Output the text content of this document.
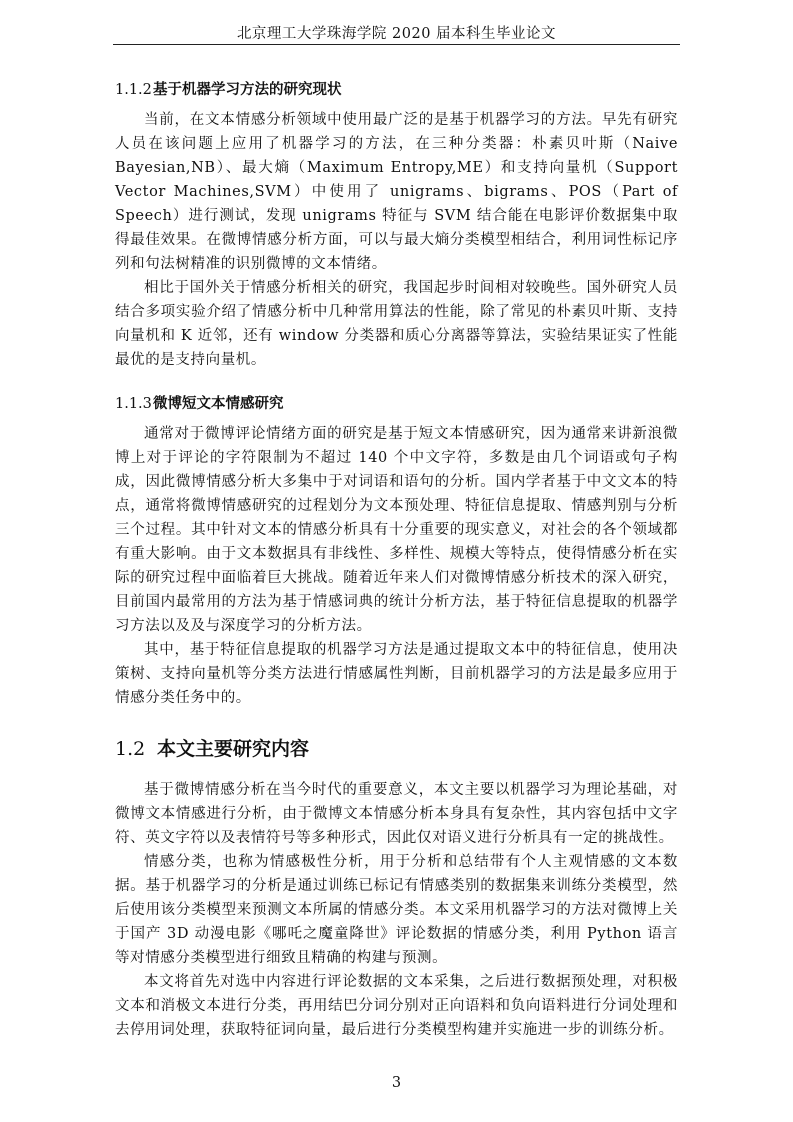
北京理工大学珠海学院 2020 届本科生毕业论文
1.1.2基于机器学习方法的研究现状

当前，在文本情感分析领域中使用最广泛的是基于机器学习的方法。早先有研究人员在该问题上应用了机器学习的方法，在三种分类器：朴素贝叶斯（Naive Bayesian,NB）、最大熵（Maximum Entropy,ME）和支持向量机（Support Vector Machines,SVM）中使用了 unigrams、bigrams、POS（Part of Speech）进行测试，发现 unigrams 特征与 SVM 结合能在电影评价数据集中取得最佳效果。在微博情感分析方面，可以与最大熵分类模型相结合，利用词性标记序列和句法树精准的识别微博的文本情绪。

相比于国外关于情感分析相关的研究，我国起步时间相对较晚些。国外研究人员结合多项实验介绍了情感分析中几种常用算法的性能，除了常见的朴素贝叶斯、支持向量机和 K 近邻，还有 window 分类器和质心分离器等算法，实验结果证实了性能最优的是支持向量机。

1.1.3微博短文本情感研究

通常对于微博评论情绪方面的研究是基于短文本情感研究，因为通常来讲新浪微博上对于评论的字符限制为不超过 140 个中文字符，多数是由几个词语或句子构成，因此微博情感分析大多集中于对词语和语句的分析。国内学者基于中文文本的特点，通常将微博情感研究的过程划分为文本预处理、特征信息提取、情感判别与分析三个过程。其中针对文本的情感分析具有十分重要的现实意义，对社会的各个领域都有重大影响。由于文本数据具有非线性、多样性、规模大等特点，使得情感分析在实际的研究过程中面临着巨大挑战。随着近年来人们对微博情感分析技术的深入研究，目前国内最常用的方法为基于情感词典的统计分析方法，基于特征信息提取的机器学习方法以及及与深度学习的分析方法。

其中，基于特征信息提取的机器学习方法是通过提取文本中的特征信息，使用决策树、支持向量机等分类方法进行情感属性判断，目前机器学习的方法是最多应用于情感分类任务中的。

1.2 本文主要研究内容

基于微博情感分析在当今时代的重要意义，本文主要以机器学习为理论基础，对微博文本情感进行分析，由于微博文本情感分析本身具有复杂性，其内容包括中文字符、英文字符以及表情符号等多种形式，因此仅对语义进行分析具有一定的挑战性。

情感分类，也称为情感极性分析，用于分析和总结带有个人主观情感的文本数据。基于机器学习的分析是通过训练已标记有情感类别的数据集来训练分类模型，然后使用该分类模型来预测文本所属的情感分类。本文采用机器学习的方法对微博上关于国产 3D 动漫电影《哪吒之魔童降世》评论数据的情感分类，利用 Python 语言等对情感分类模型进行细致且精确的构建与预测。

本文将首先对选中内容进行评论数据的文本采集，之后进行数据预处理，对积极文本和消极文本进行分类，再用结巴分词分别对正向语料和负向语料进行分词处理和去停用词处理，获取特征词向量，最后进行分类模型构建并实施进一步的训练分析。

3
